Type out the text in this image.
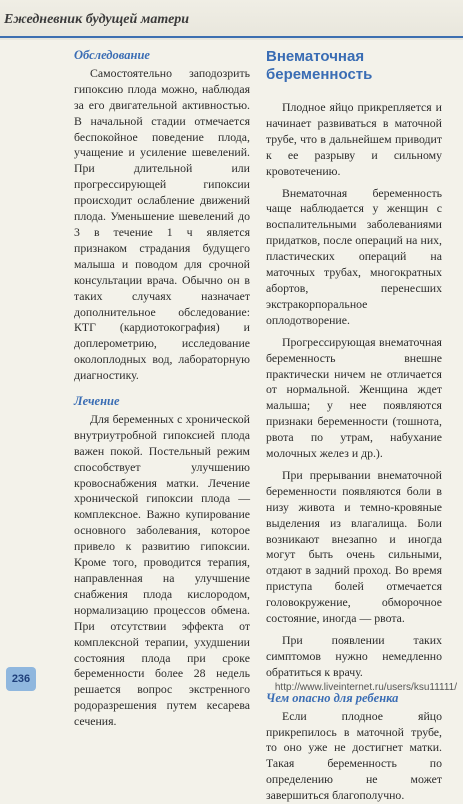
Ежедневник будущей матери
Обследование

Самостоятельно заподозрить гипоксию плода можно, наблюдая за его двигательной активностью. В начальной стадии отмечается беспокойное поведение плода, учащение и усиление шевелений. При длительной или прогрессирующей гипоксии происходит ослабление движений плода. Уменьшение шевелений до 3 в течение 1 ч является признаком страдания будущего малыша и поводом для срочной консультации врача. Обычно он в таких случаях назначает дополнительное обследование: КТГ (кардиотокография) и доплерометрию, исследование околоплодных вод, лабораторную диагностику.

Лечение

Для беременных с хронической внутриутробной гипоксией плода важен покой. Постельный режим способствует улучшению кровоснабжения матки. Лечение хронической гипоксии плода — комплексное. Важно купирование основного заболевания, которое привело к развитию гипоксии. Кроме того, проводится терапия, направленная на улучшение снабжения плода кислородом, нормализацию процессов обмена. При отсутствии эффекта от комплексной терапии, ухудшении состояния плода при сроке беременности более 28 недель решается вопрос экстренного родоразрешения путем кесарева сечения.

Внематочная
беременность

Плодное яйцо прикрепляется и начинает развиваться в маточной трубе, что в дальнейшем приводит к ее разрыву и сильному кровотечению.

Внематочная беременность чаще наблюдается у женщин с воспалительными заболеваниями придатков, после операций на них, пластических операций на маточных трубах, многократных абортов, перенесших экстракорпоральное оплодотворение.

Прогрессирующая внематочная беременность внешне практически ничем не отличается от нормальной. Женщина ждет малыша; у нее появляются признаки беременности (тошнота, рвота по утрам, набухание молочных желез и др.).

При прерывании внематочной беременности появляются боли в низу живота и темно-кровяные выделения из влагалища. Боли возникают внезапно и иногда могут быть очень сильными, отдают в задний проход. Во время приступа болей отмечается головокружение, обморочное состояние, иногда — рвота.

При появлении таких симптомов нужно немедленно обратиться к врачу.

Чем опасно для ребенка

Если плодное яйцо прикрепилось в маточной трубе, то оно уже не достигнет матки. Такая беременность по определению не может завершиться благополучно.

236
http://www.liveinternet.ru/users/ksu11111/
